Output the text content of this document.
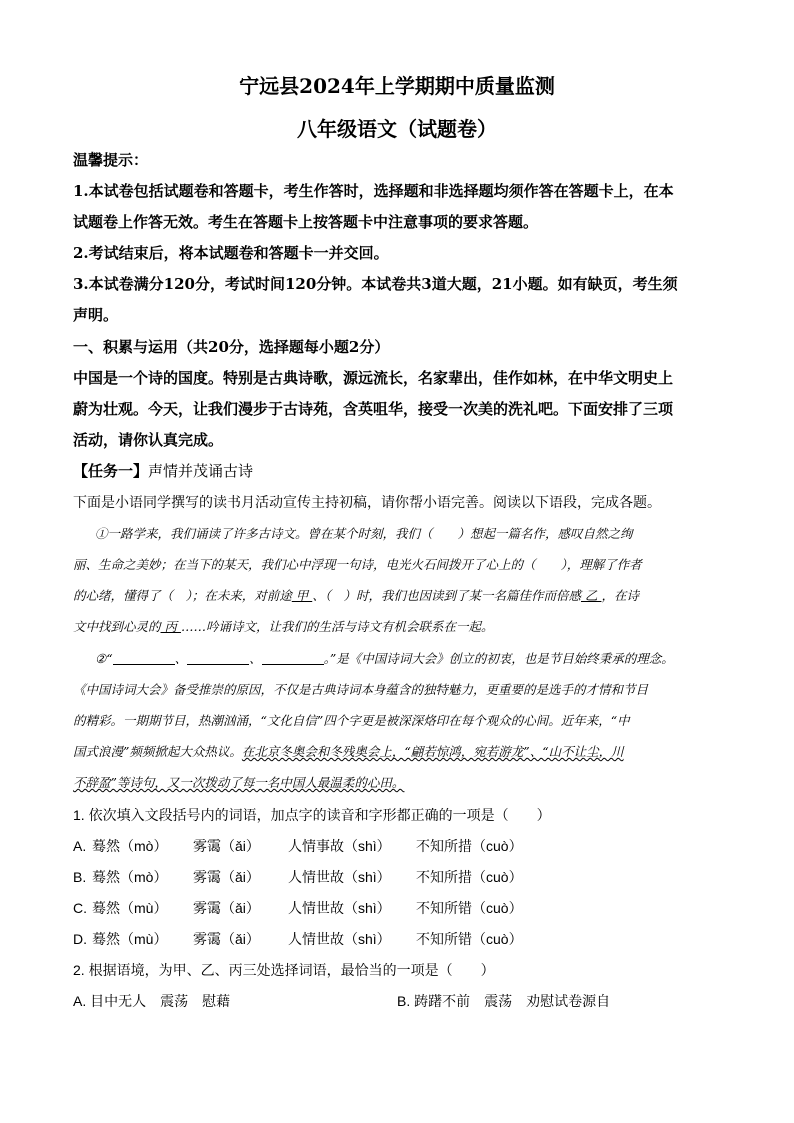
宁远县2024年上学期期中质量监测
八年级语文（试题卷）
温馨提示：
1.本试卷包括试题卷和答题卡，考生作答时，选择题和非选择题均须作答在答题卡上，在本
试题卷上作答无效。考生在答题卡上按答题卡中注意事项的要求答题。
2.考试结束后，将本试题卷和答题卡一并交回。
3.本试卷满分120分，考试时间120分钟。本试卷共3道大题，21小题。如有缺页，考生须
声明。
一、积累与运用（共20分，选择题每小题2分）
中国是一个诗的国度。特别是古典诗歌，源远流长，名家辈出，佳作如林，在中华文明史上
蔚为壮观。今天，让我们漫步于古诗苑，含英咀华，接受一次美的洗礼吧。下面安排了三项
活动，请你认真完成。
【任务一】声情并茂诵古诗
下面是小语同学撰写的读书月活动宣传主持初稿，请你帮小语完善。阅读以下语段，完成各题。
①一路学来，我们诵读了许多古诗文。曾在某个时刻，我们（　　）想起一篇名作，感叹自然之绚
丽、生命之美妙；在当下的某天，我们心中浮现一句诗，电光火石间拨开了心上的（　　），理解了作者
的心绪，懂得了（　）；在未来，对前途 甲 、（　）时，我们也因读到了某一名篇佳作而倍感 乙 ，在诗
文中找到心灵的 丙 ……吟诵诗文，让我们的生活与诗文有机会联系在一起。
②“	、	、	。”是《中国诗词大会》创立的初衷，也是节目始终秉承的理念。
《中国诗词大会》备受推崇的原因，不仅是古典诗词本身蕴含的独特魅力，更重要的是选手的才情和节目
的精彩。一期期节目，热潮汹涌，“文化自信”四个字更是被深深烙印在每个观众的心间。近年来，“中
国式浪漫”频频掀起大众热议。在北京冬奥会和冬残奥会上，“翩若惊鸿，宛若游龙”、“山不让尘，川
不辞盈”等诗句，又一次拨动了每一名中国人最温柔的心田。
1. 依次填入文段括号内的词语，加点字的读音和字形都正确的一项是（　　）
A. 蓦然（mò） 雾霭（ǎi） 人情事故（shì） 不知所措（cuò）
B. 蓦然（mò） 雾霭（ǎi） 人情世故（shì） 不知所措（cuò）
C. 蓦然（mù） 雾霭（ǎi） 人情世故（shì） 不知所错（cuò）
D. 蓦然（mù） 雾霭（ǎi） 人情世故（shì） 不知所错（cuò）
2. 根据语境，为甲、乙、丙三处选择词语，最恰当的一项是（　　）
A. 目中无人　震荡　慰藉	B. 踌躇不前　震荡　劝慰试卷源自
